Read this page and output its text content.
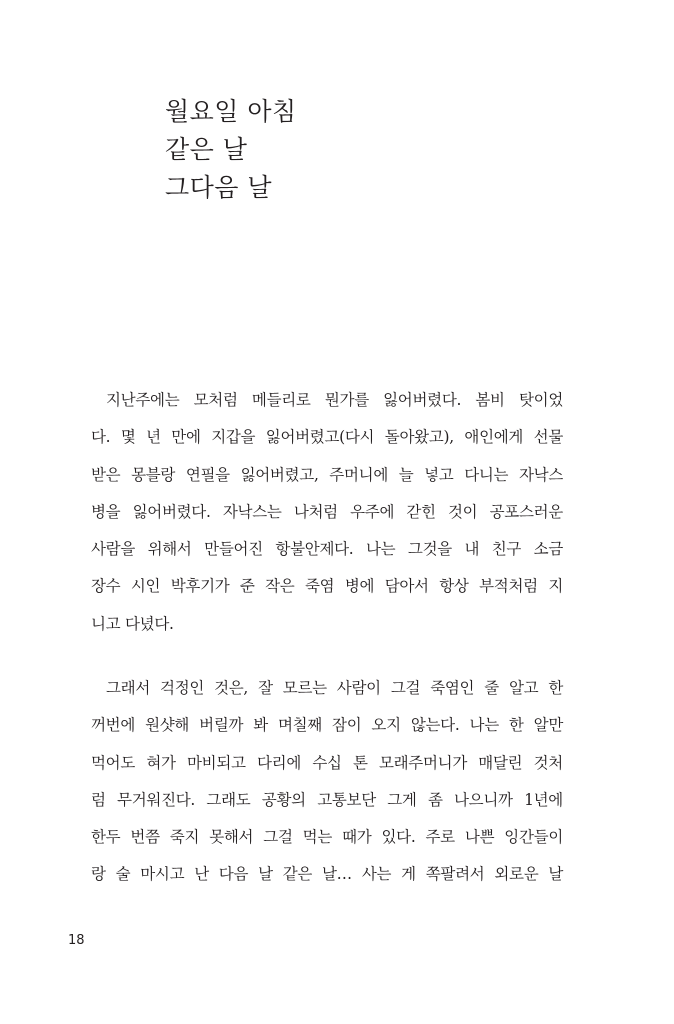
월요일 아침
같은 날
그다음 날
지난주에는 모처럼 메들리로 뭔가를 잃어버렸다. 봄비 탓이었
다. 몇 년 만에 지갑을 잃어버렸고(다시 돌아왔고), 애인에게 선물
받은 몽블랑 연필을 잃어버렸고, 주머니에 늘 넣고 다니는 자낙스
병을 잃어버렸다. 자낙스는 나처럼 우주에 갇힌 것이 공포스러운
사람을 위해서 만들어진 항불안제다. 나는 그것을 내 친구 소금
장수 시인 박후기가 준 작은 죽염 병에 담아서 항상 부적처럼 지
니고 다녔다.
그래서 걱정인 것은, 잘 모르는 사람이 그걸 죽염인 줄 알고 한
꺼번에 원샷해 버릴까 봐 며칠째 잠이 오지 않는다. 나는 한 알만
먹어도 혀가 마비되고 다리에 수십 톤 모래주머니가 매달린 것처
럼 무거워진다. 그래도 공황의 고통보단 그게 좀 나으니까 1년에
한두 번쯤 죽지 못해서 그걸 먹는 때가 있다. 주로 나쁜 잉간들이
랑 술 마시고 난 다음 날 같은 날… 사는 게 쪽팔려서 외로운 날
18
